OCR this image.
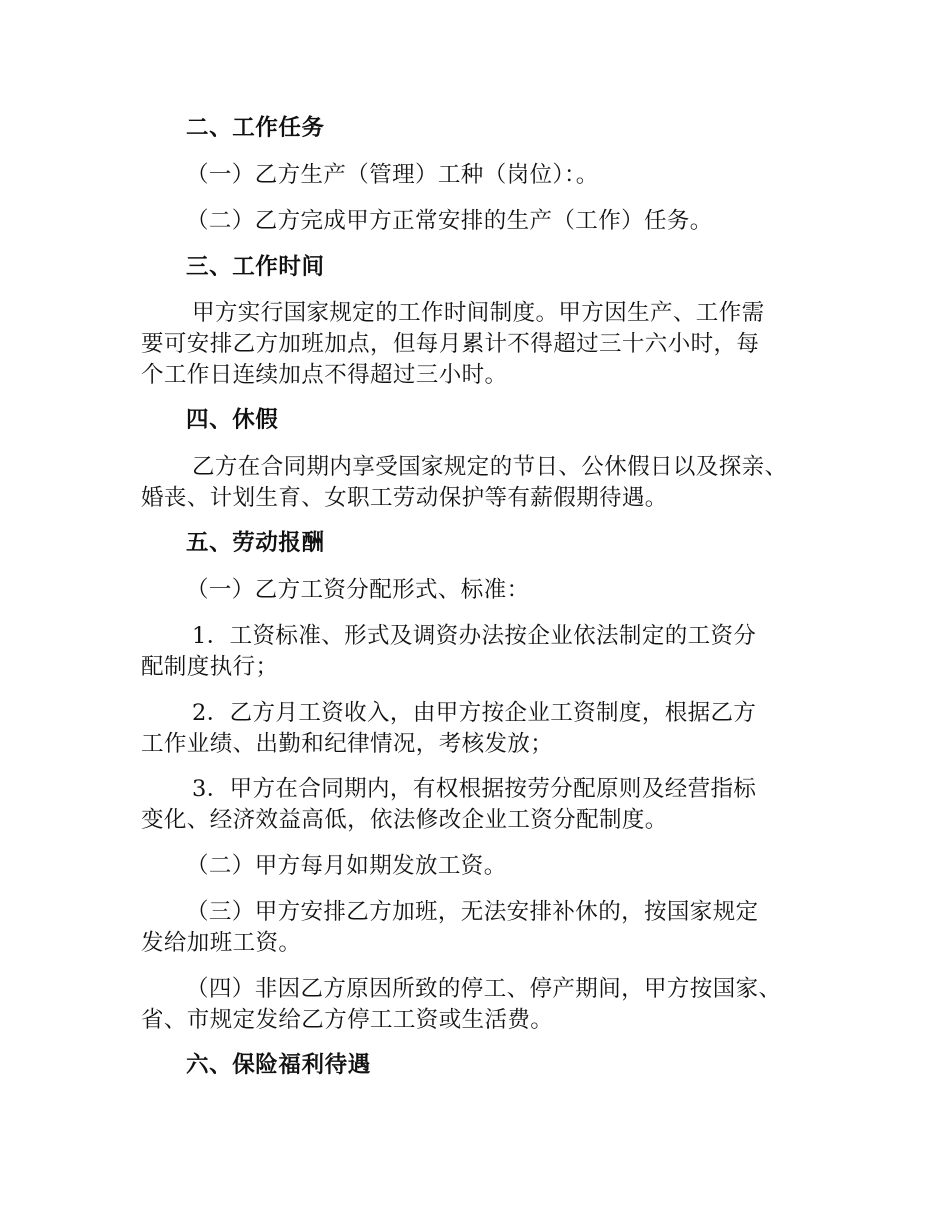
二、工作任务
（一）乙方生产（管理）工种（岗位）：。
（二）乙方完成甲方正常安排的生产（工作）任务。
三、工作时间
甲方实行国家规定的工作时间制度。甲方因生产、工作需
要可安排乙方加班加点，但每月累计不得超过三十六小时，每
个工作日连续加点不得超过三小时。
四、休假
乙方在合同期内享受国家规定的节日、公休假日以及探亲、
婚丧、计划生育、女职工劳动保护等有薪假期待遇。
五、劳动报酬
（一）乙方工资分配形式、标准：
1．工资标准、形式及调资办法按企业依法制定的工资分
配制度执行；
2．乙方月工资收入，由甲方按企业工资制度，根据乙方
工作业绩、出勤和纪律情况，考核发放；
3．甲方在合同期内，有权根据按劳分配原则及经营指标
变化、经济效益高低，依法修改企业工资分配制度。
（二）甲方每月如期发放工资。
（三）甲方安排乙方加班，无法安排补休的，按国家规定
发给加班工资。
（四）非因乙方原因所致的停工、停产期间，甲方按国家、
省、市规定发给乙方停工工资或生活费。
六、保险福利待遇
